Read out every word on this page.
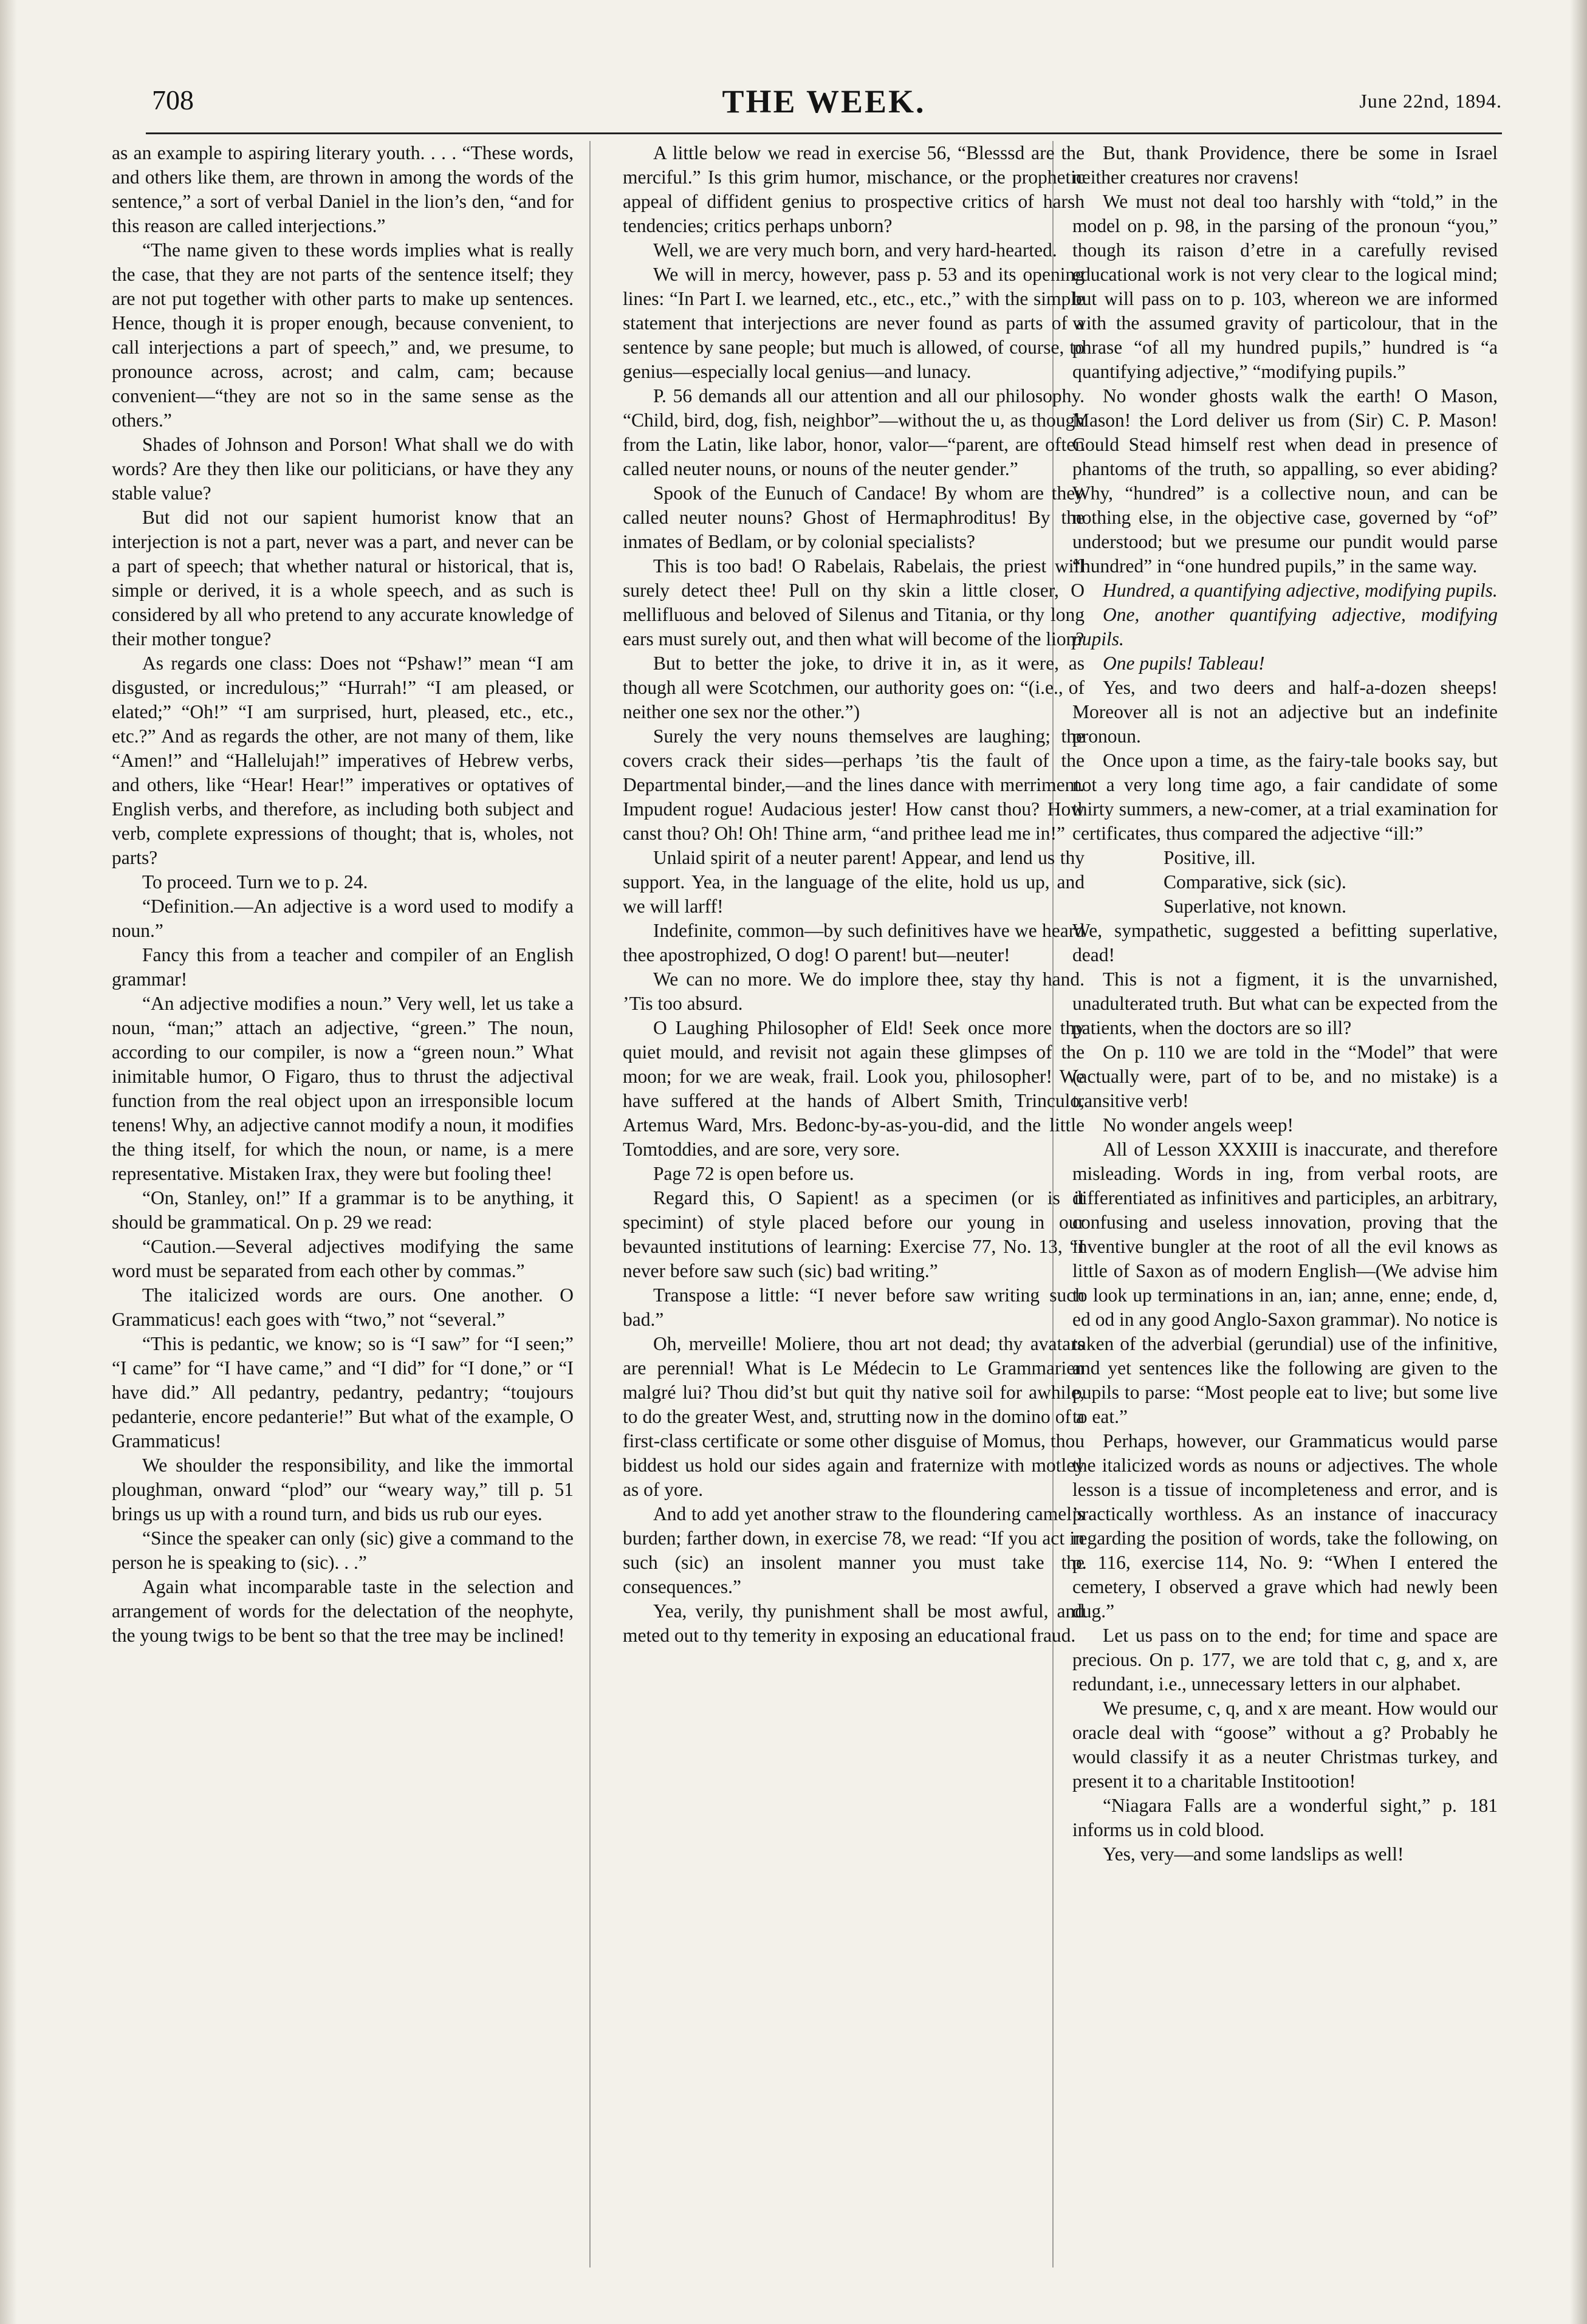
708	THE WEEK.	June 22nd, 1894.

as an example to aspiring literary youth. . . . “These words, and others like them, are thrown in among the words of the sentence,” a sort of verbal Daniel in the lion’s den, “and for this reason are called interjections.”

“The name given to these words implies what is really the case, that they are not parts of the sentence itself; they are not put together with other parts to make up sentences. Hence, though it is proper enough, because convenient, to call interjections a part of speech,” and, we presume, to pronounce across, acrost; and calm, cam; because convenient—“they are not so in the same sense as the others.”

Shades of Johnson and Porson! What shall we do with words? Are they then like our politicians, or have they any stable value?

But did not our sapient humorist know that an interjection is not a part, never was a part, and never can be a part of speech; that whether natural or historical, that is, simple or derived, it is a whole speech, and as such is considered by all who pretend to any accurate knowledge of their mother tongue?

As regards one class: Does not “Pshaw!” mean “I am disgusted, or incredulous;” “Hurrah!” “I am pleased, or elated;” “Oh!” “I am surprised, hurt, pleased, etc., etc., etc.?” And as regards the other, are not many of them, like “Amen!” and “Hallelujah!” imperatives of Hebrew verbs, and others, like “Hear! Hear!” imperatives or optatives of English verbs, and therefore, as including both subject and verb, complete expressions of thought; that is, wholes, not parts?

To proceed. Turn we to p. 24.

“Definition.—An adjective is a word used to modify a noun.”

Fancy this from a teacher and compiler of an English grammar!

“An adjective modifies a noun.” Very well, let us take a noun, “man;” attach an adjective, “green.” The noun, according to our compiler, is now a “green noun.” What inimitable humor, O Figaro, thus to thrust the adjectival function from the real object upon an irresponsible locum tenens! Why, an adjective cannot modify a noun, it modifies the thing itself, for which the noun, or name, is a mere representative. Mistaken Irax, they were but fooling thee!

“On, Stanley, on!” If a grammar is to be anything, it should be grammatical. On p. 29 we read:

“Caution.—Several adjectives modifying the same word must be separated from each other by commas.”

The italicized words are ours. One another. O Grammaticus! each goes with “two,” not “several.”

“This is pedantic, we know; so is “I saw” for “I seen;” “I came” for “I have came,” and “I did” for “I done,” or “I have did.” All pedantry, pedantry, pedantry; “toujours pedanterie, encore pedanterie!” But what of the example, O Grammaticus!

We shoulder the responsibility, and like the immortal ploughman, onward “plod” our “weary way,” till p. 51 brings us up with a round turn, and bids us rub our eyes.

“Since the speaker can only (sic) give a command to the person he is speaking to (sic). . .”

Again what incomparable taste in the selection and arrangement of words for the delectation of the neophyte, the young twigs to be bent so that the tree may be inclined!

A little below we read in exercise 56, “Blesssd are the merciful.” Is this grim humor, mischance, or the prophetic appeal of diffident genius to prospective critics of harsh tendencies; critics perhaps unborn?

Well, we are very much born, and very hard-hearted.

We will in mercy, however, pass p. 53 and its opening lines: “In Part I. we learned, etc., etc., etc.,” with the simple statement that interjections are never found as parts of a sentence by sane people; but much is allowed, of course, to genius—especially local genius—and lunacy.

P. 56 demands all our attention and all our philosophy. “Child, bird, dog, fish, neighbor”—without the u, as though from the Latin, like labor, honor, valor—“parent, are often called neuter nouns, or nouns of the neuter gender.”

Spook of the Eunuch of Candace! By whom are they called neuter nouns? Ghost of Hermaphroditus! By the inmates of Bedlam, or by colonial specialists?

This is too bad! O Rabelais, Rabelais, the priest will surely detect thee! Pull on thy skin a little closer, O mellifluous and beloved of Silenus and Titania, or thy long ears must surely out, and then what will become of the lion?

But to better the joke, to drive it in, as it were, as though all were Scotchmen, our authority goes on: “(i.e., of neither one sex nor the other.”)

Surely the very nouns themselves are laughing; the covers crack their sides—perhaps ’tis the fault of the Departmental binder,—and the lines dance with merriment. Impudent rogue! Audacious jester! How canst thou? How canst thou? Oh! Oh! Thine arm, “and prithee lead me in!”

Unlaid spirit of a neuter parent! Appear, and lend us thy support. Yea, in the language of the elite, hold us up, and we will larff!

Indefinite, common—by such definitives have we heard thee apostrophized, O dog! O parent! but—neuter!

We can no more. We do implore thee, stay thy hand. ’Tis too absurd.

O Laughing Philosopher of Eld! Seek once more thy quiet mould, and revisit not again these glimpses of the moon; for we are weak, frail. Look you, philosopher! We have suffered at the hands of Albert Smith, Trinculo, Artemus Ward, Mrs. Bedonc-by-as-you-did, and the little Tomtoddies, and are sore, very sore.

Page 72 is open before us.

Regard this, O Sapient! as a specimen (or is it specimint) of style placed before our young in our bevaunted institutions of learning: Exercise 77, No. 13, “I never before saw such (sic) bad writing.”

Transpose a little: “I never before saw writing such bad.”

Oh, merveille! Moliere, thou art not dead; thy avatars are perennial! What is Le Médecin to Le Grammarien malgré lui? Thou did’st but quit thy native soil for awhile, to do the greater West, and, strutting now in the domino of a first-class certificate or some other disguise of Momus, thou biddest us hold our sides again and fraternize with motley as of yore.

And to add yet another straw to the floundering camel’s burden; farther down, in exercise 78, we read: “If you act in such (sic) an insolent manner you must take the consequences.”

Yea, verily, thy punishment shall be most awful, and meted out to thy temerity in exposing an educational fraud.

But, thank Providence, there be some in Israel neither creatures nor cravens!

We must not deal too harshly with “told,” in the model on p. 98, in the parsing of the pronoun “you,” though its raison d’etre in a carefully revised educational work is not very clear to the logical mind; but will pass on to p. 103, whereon we are informed with the assumed gravity of particolour, that in the phrase “of all my hundred pupils,” hundred is “a quantifying adjective,” “modifying pupils.”

No wonder ghosts walk the earth! O Mason, Mason! the Lord deliver us from (Sir) C. P. Mason! Could Stead himself rest when dead in presence of phantoms of the truth, so appalling, so ever abiding? Why, “hundred” is a collective noun, and can be nothing else, in the objective case, governed by “of” understood; but we presume our pundit would parse “hundred” in “one hundred pupils,” in the same way.

Hundred, a quantifying adjective, modifying pupils.

One, another quantifying adjective, modifying pupils.

One pupils! Tableau!

Yes, and two deers and half-a-dozen sheeps! Moreover all is not an adjective but an indefinite pronoun.

Once upon a time, as the fairy-tale books say, but not a very long time ago, a fair candidate of some thirty summers, a new-comer, at a trial examination for certificates, thus compared the adjective “ill:”

Positive, ill.

Comparative, sick (sic).

Superlative, not known.

We, sympathetic, suggested a befitting superlative, dead!

This is not a figment, it is the unvarnished, unadulterated truth. But what can be expected from the patients, when the doctors are so ill?

On p. 110 we are told in the “Model” that were (actually were, part of to be, and no mistake) is a transitive verb!

No wonder angels weep!

All of Lesson XXXIII is inaccurate, and therefore misleading. Words in ing, from verbal roots, are differentiated as infinitives and participles, an arbitrary, confusing and useless innovation, proving that the inventive bungler at the root of all the evil knows as little of Saxon as of modern English—(We advise him to look up terminations in an, ian; anne, enne; ende, d, ed od in any good Anglo-Saxon grammar). No notice is taken of the adverbial (gerundial) use of the infinitive, and yet sentences like the following are given to the pupils to parse: “Most people eat to live; but some live to eat.”

Perhaps, however, our Grammaticus would parse the italicized words as nouns or adjectives. The whole lesson is a tissue of incompleteness and error, and is practically worthless. As an instance of inaccuracy regarding the position of words, take the following, on p. 116, exercise 114, No. 9: “When I entered the cemetery, I observed a grave which had newly been dug.”

Let us pass on to the end; for time and space are precious. On p. 177, we are told that c, g, and x, are redundant, i.e., unnecessary letters in our alphabet.

We presume, c, q, and x are meant. How would our oracle deal with “goose” without a g? Probably he would classify it as a neuter Christmas turkey, and present it to a charitable Institootion!

“Niagara Falls are a wonderful sight,” p. 181 informs us in cold blood.

Yes, very—and some landslips as well!
